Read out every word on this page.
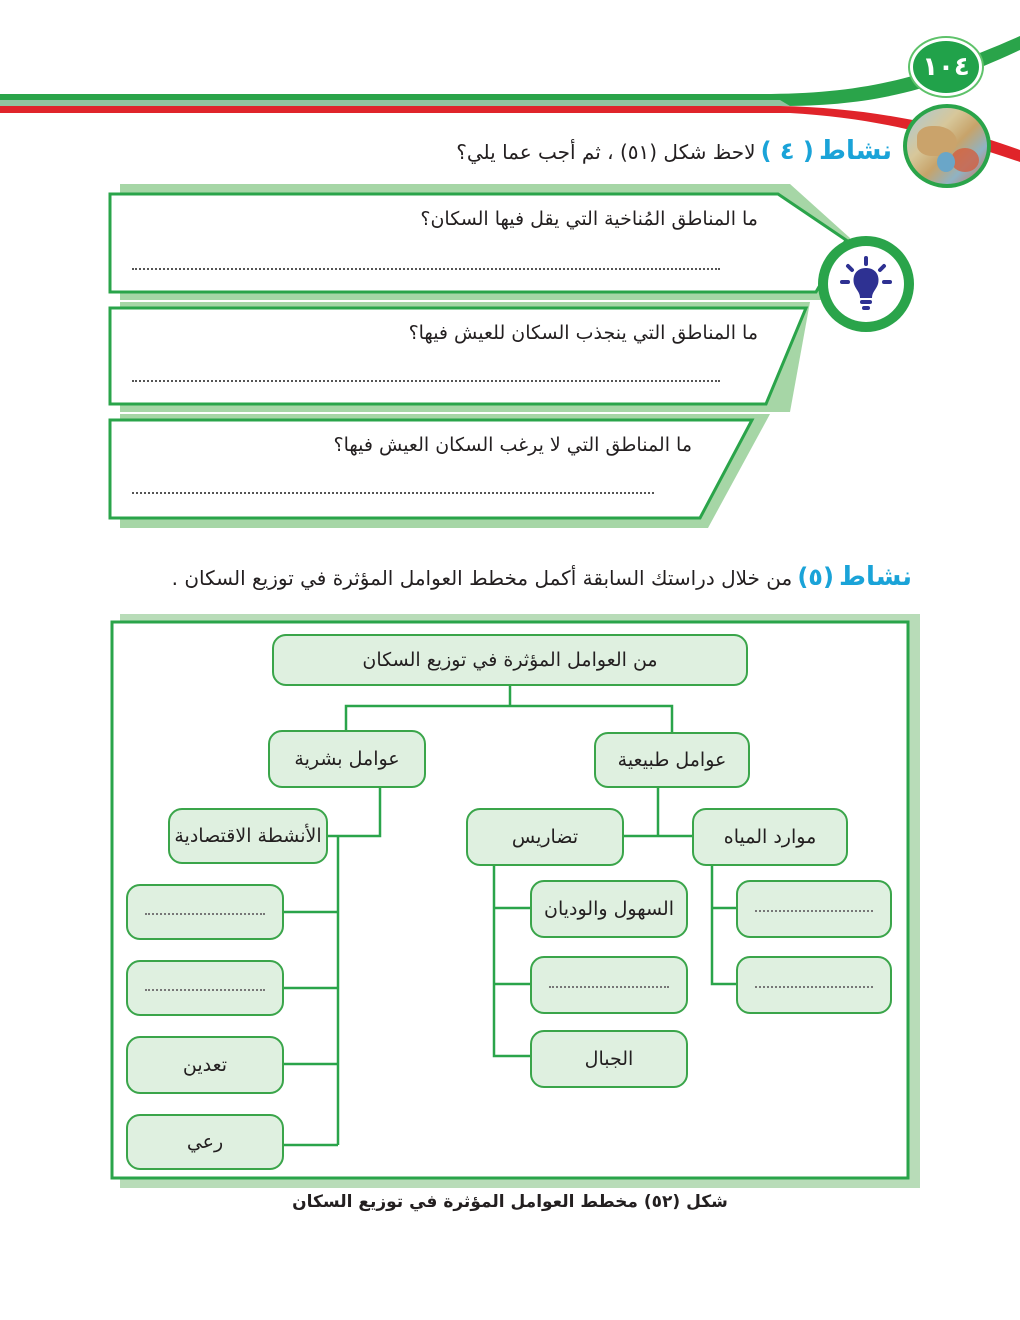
١٠٤
نشاط ( ٤ ) لاحظ شكل (٥١) ، ثم أجب عما يلي؟
ما المناطق المُناخية التي يقل فيها السكان؟
ما المناطق التي ينجذب السكان للعيش فيها؟
ما المناطق التي لا يرغب السكان العيش فيها؟
نشاط (٥) من خلال دراستك السابقة أكمل مخطط العوامل المؤثرة في توزيع السكان .
من العوامل المؤثرة في توزيع السكان
عوامل بشرية	عوامل طبيعية
الأنشطة الاقتصادية	تضاريس	موارد المياه
تعدين
رعي
السهول والوديان
الجبال
شكل (٥٢) مخطط العوامل المؤثرة في توزيع السكان
